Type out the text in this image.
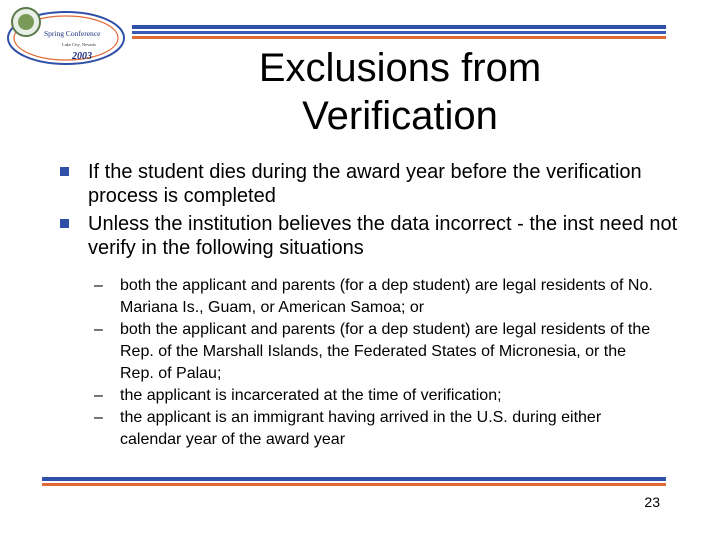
Spring Conference
Lake City, Nevada
2003	Exclusions from
Verification
If the student dies during the award year before the verification process is completed
Unless the institution believes the data incorrect - the inst need not verify in the following situations
– both the applicant and parents (for a dep student) are legal residents of No. Mariana Is., Guam, or American Samoa; or
– both the applicant and parents (for a dep student) are legal residents of the Rep. of the Marshall Islands, the Federated States of Micronesia, or the Rep. of Palau;
– the applicant is incarcerated at the time of verification;
– the applicant is an immigrant having arrived in the U.S. during either calendar year of the award year
23
